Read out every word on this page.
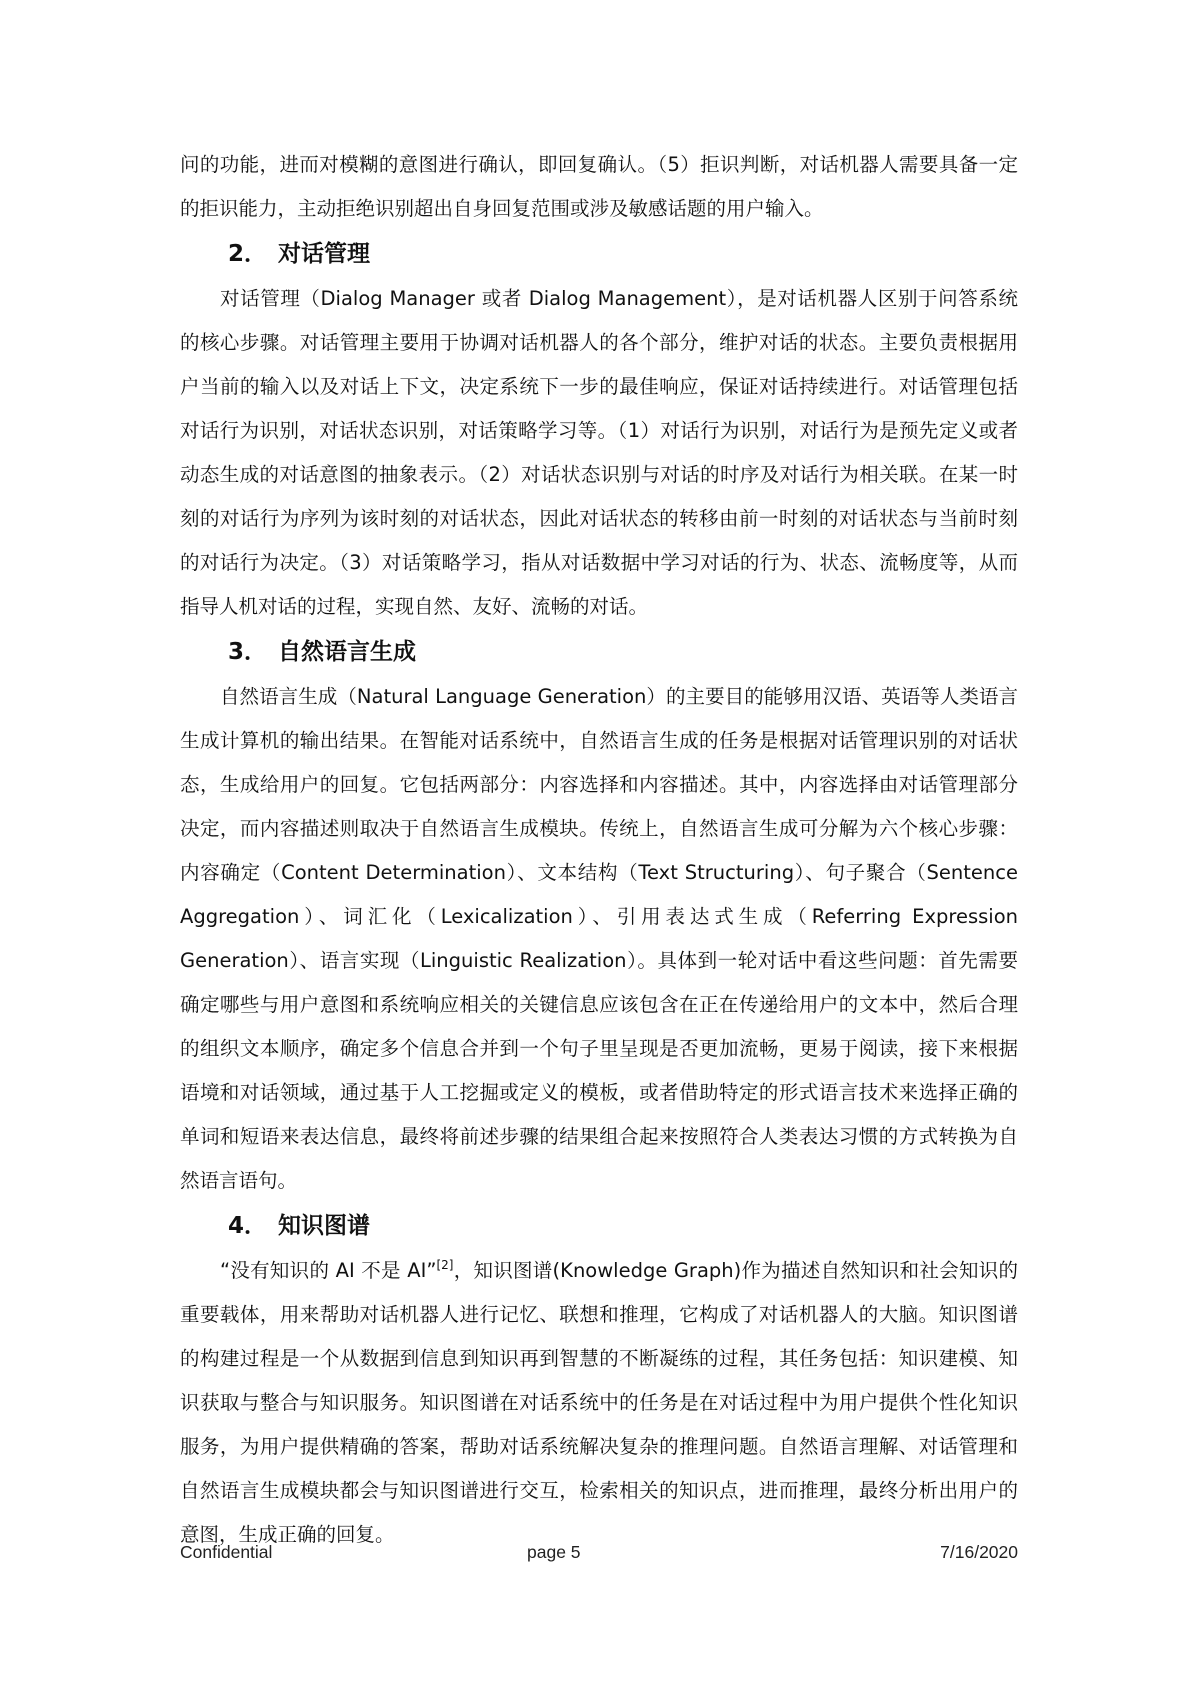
问的功能，进而对模糊的意图进行确认，即回复确认。（5）拒识判断，对话机器人需要具备一定的拒识能力，主动拒绝识别超出自身回复范围或涉及敏感话题的用户输入。

2． 对话管理

对话管理（Dialog Manager 或者 Dialog Management），是对话机器人区别于问答系统的核心步骤。对话管理主要用于协调对话机器人的各个部分，维护对话的状态。主要负责根据用户当前的输入以及对话上下文，决定系统下一步的最佳响应，保证对话持续进行。对话管理包括对话行为识别，对话状态识别，对话策略学习等。（1）对话行为识别，对话行为是预先定义或者动态生成的对话意图的抽象表示。（2）对话状态识别与对话的时序及对话行为相关联。在某一时刻的对话行为序列为该时刻的对话状态，因此对话状态的转移由前一时刻的对话状态与当前时刻的对话行为决定。（3）对话策略学习，指从对话数据中学习对话的行为、状态、流畅度等，从而指导人机对话的过程，实现自然、友好、流畅的对话。

3． 自然语言生成

自然语言生成（Natural Language Generation）的主要目的能够用汉语、英语等人类语言生成计算机的输出结果。在智能对话系统中，自然语言生成的任务是根据对话管理识别的对话状态，生成给用户的回复。它包括两部分：内容选择和内容描述。其中，内容选择由对话管理部分决定，而内容描述则取决于自然语言生成模块。传统上，自然语言生成可分解为六个核心步骤：内容确定（Content Determination）、文本结构（Text Structuring）、句子聚合（Sentence Aggregation）、词汇化（Lexicalization）、引用表达式生成（Referring Expression Generation）、语言实现（Linguistic Realization）。具体到一轮对话中看这些问题：首先需要确定哪些与用户意图和系统响应相关的关键信息应该包含在正在传递给用户的文本中，然后合理的组织文本顺序，确定多个信息合并到一个句子里呈现是否更加流畅，更易于阅读，接下来根据语境和对话领域，通过基于人工挖掘或定义的模板，或者借助特定的形式语言技术来选择正确的单词和短语来表达信息，最终将前述步骤的结果组合起来按照符合人类表达习惯的方式转换为自然语言语句。

4． 知识图谱

“没有知识的 AI 不是 AI”[2]，知识图谱(Knowledge Graph)作为描述自然知识和社会知识的重要载体，用来帮助对话机器人进行记忆、联想和推理，它构成了对话机器人的大脑。知识图谱的构建过程是一个从数据到信息到知识再到智慧的不断凝练的过程，其任务包括：知识建模、知识获取与整合与知识服务。知识图谱在对话系统中的任务是在对话过程中为用户提供个性化知识服务，为用户提供精确的答案，帮助对话系统解决复杂的推理问题。自然语言理解、对话管理和自然语言生成模块都会与知识图谱进行交互，检索相关的知识点，进而推理，最终分析出用户的意图，生成正确的回复。

Confidential	page 5	7/16/2020
